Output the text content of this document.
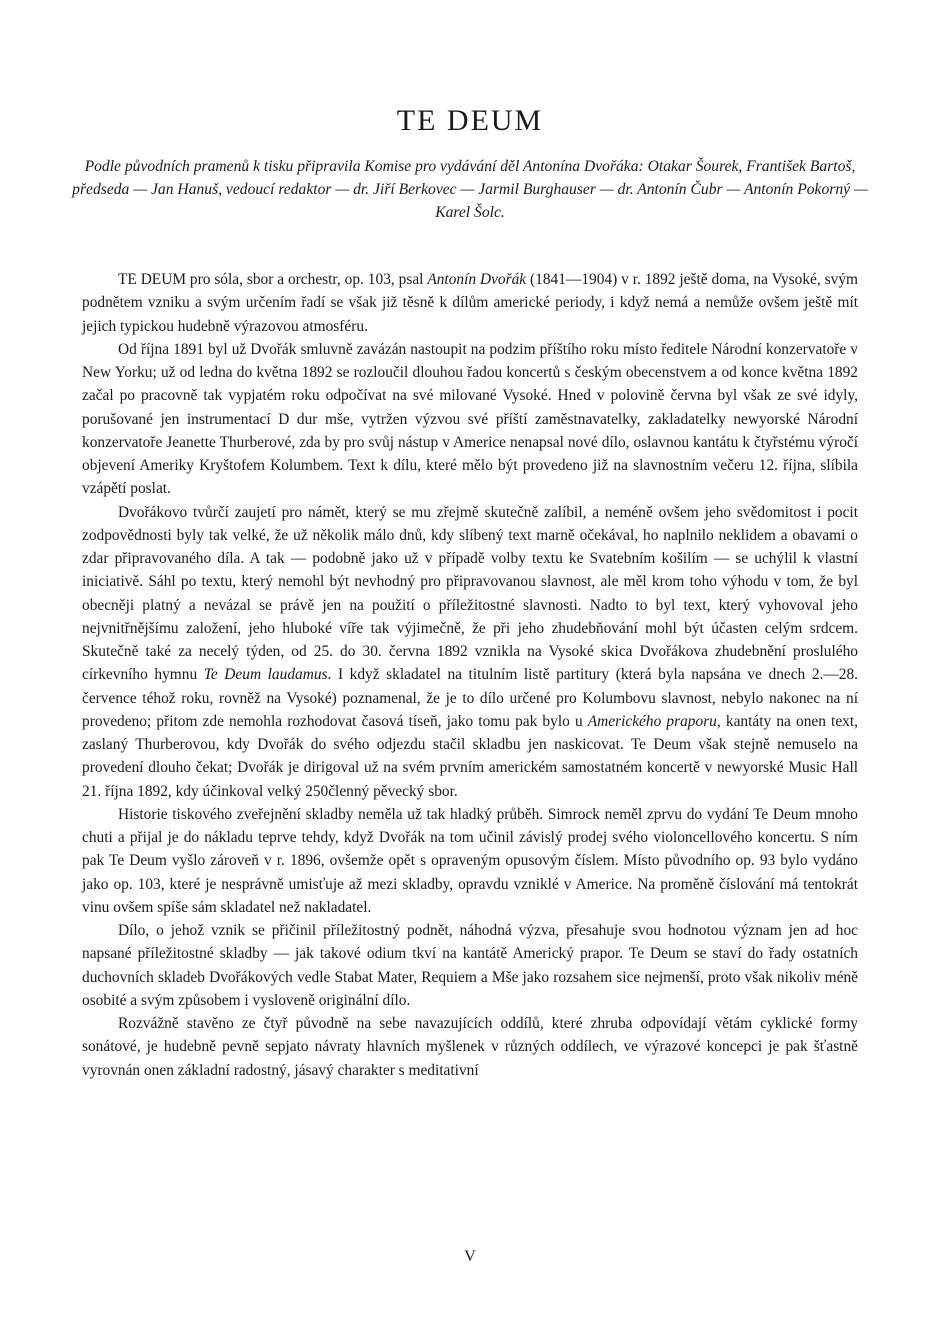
TE DEUM

Podle původních pramenů k tisku připravila Komise pro vydávání děl Antonína Dvořáka: Otakar Šourek, František Bartoš, předseda — Jan Hanuš, vedoucí redaktor — dr. Jiří Berkovec — Jarmil Burghauser — dr. Antonín Čubr — Antonín Pokorný — Karel Šolc.

TE DEUM pro sóla, sbor a orchestr, op. 103, psal Antonín Dvořák (1841—1904) v r. 1892 ještě doma, na Vysoké, svým podnětem vzniku a svým určením řadí se však již těsně k dílům americké periody, i když nemá a nemůže ovšem ještě mít jejich typickou hudebně výrazovou atmosféru.

Od října 1891 byl už Dvořák smluvně zavázán nastoupit na podzim příštího roku místo ředitele Národní konzervatoře v New Yorku; už od ledna do května 1892 se rozloučil dlouhou řadou koncertů s českým obecenstvem a od konce května 1892 začal po pracovně tak vypjatém roku odpočívat na své milované Vysoké. Hned v polovině června byl však ze své idyly, porušované jen instrumentací D dur mše, vytržen výzvou své příští zaměstnavatelky, zakladatelky newyorské Národní konzervatoře Jeanette Thurberové, zda by pro svůj nástup v Americe nenapsal nové dílo, oslavnou kantátu k čtyřstému výročí objevení Ameriky Kryštofem Kolumbem. Text k dílu, které mělo být provedeno již na slavnostním večeru 12. října, slíbila vzápětí poslat.

Dvořákovo tvůrčí zaujetí pro námět, který se mu zřejmě skutečně zalíbil, a neméně ovšem jeho svědomitost i pocit zodpovědnosti byly tak velké, že už několik málo dnů, kdy slíbený text marně očekával, ho naplnilo neklidem a obavami o zdar připravovaného díla. A tak — podobně jako už v případě volby textu ke Svatebním košilím — se uchýlil k vlastní iniciativě. Sáhl po textu, který nemohl být nevhodný pro připravovanou slavnost, ale měl krom toho výhodu v tom, že byl obecněji platný a nevázal se právě jen na použití o příležitostné slavnosti. Nadto to byl text, který vyhovoval jeho nejvnitřnějšímu založení, jeho hluboké víře tak výjimečně, že při jeho zhudebňování mohl být účasten celým srdcem. Skutečně také za necelý týden, od 25. do 30. června 1892 vznikla na Vysoké skica Dvořákova zhudebnění proslulého církevního hymnu Te Deum laudamus. I když skladatel na titulním listě partitury (která byla napsána ve dnech 2.—28. července téhož roku, rovněž na Vysoké) poznamenal, že je to dílo určené pro Kolumbovu slavnost, nebylo nakonec na ní provedeno; přitom zde nemohla rozhodovat časová tíseň, jako tomu pak bylo u Amerického praporu, kantáty na onen text, zaslaný Thurberovou, kdy Dvořák do svého odjezdu stačil skladbu jen naskicovat. Te Deum však stejně nemuselo na provedení dlouho čekat; Dvořák je dirigoval už na svém prvním americkém samostatném koncertě v newyorské Music Hall 21. října 1892, kdy účinkoval velký 250členný pěvecký sbor.

Historie tiskového zveřejnění skladby neměla už tak hladký průběh. Simrock neměl zprvu do vydání Te Deum mnoho chuti a přijal je do nákladu teprve tehdy, když Dvořák na tom učinil závislý prodej svého violoncellového koncertu. S ním pak Te Deum vyšlo zároveň v r. 1896, ovšemže opět s opraveným opusovým číslem. Místo původního op. 93 bylo vydáno jako op. 103, které je nesprávně umisťuje až mezi skladby, opravdu vzniklé v Americe. Na proměně číslování má tentokrát vinu ovšem spíše sám skladatel než nakladatel.

Dílo, o jehož vznik se přičinil příležitostný podnět, náhodná výzva, přesahuje svou hodnotou význam jen ad hoc napsané příležitostné skladby — jak takové odium tkví na kantátě Americký prapor. Te Deum se staví do řady ostatních duchovních skladeb Dvořákových vedle Stabat Mater, Requiem a Mše jako rozsahem sice nejmenší, proto však nikoliv méně osobité a svým způsobem i vysloveně originální dílo.

Rozvážně stavěno ze čtyř původně na sebe navazujících oddílů, které zhruba odpovídají větám cyklické formy sonátové, je hudebně pevně sepjato návraty hlavních myšlenek v různých oddílech, ve výrazové koncepci je pak šťastně vyrovnán onen základní radostný, jásavý charakter s meditativní

V
